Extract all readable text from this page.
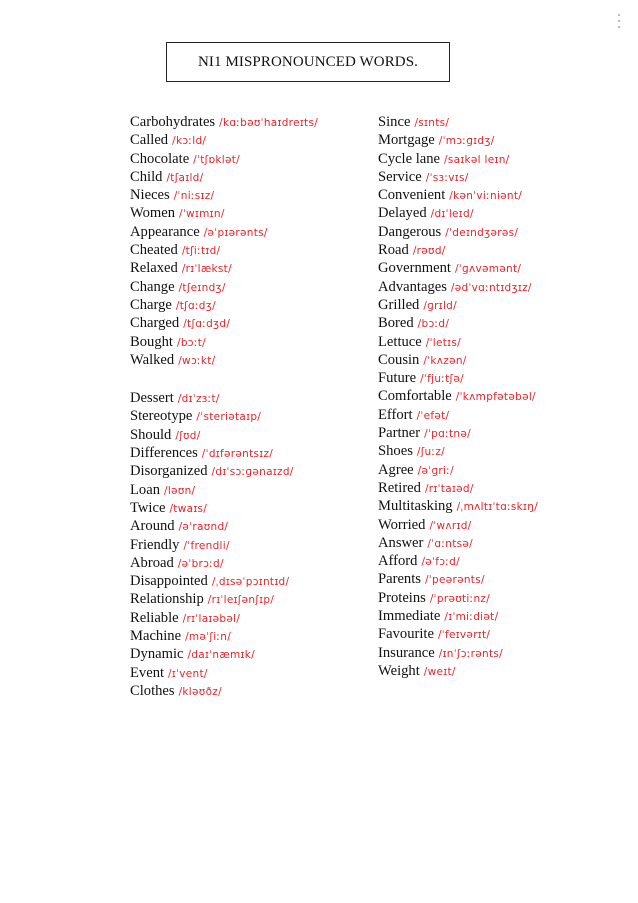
NI1 MISPRONOUNCED WORDS.
Carbohydrates /kɑːbəʊˈhaɪdreɪts/
Called /kɔːld/
Chocolate /ˈtʃɒklət/
Child /tʃaɪld/
Nieces /ˈniːsɪz/
Women /ˈwɪmɪn/
Appearance /əˈpɪərənts/
Cheated /tʃiːtɪd/
Relaxed /rɪˈlækst/
Change /tʃeɪndʒ/
Charge /tʃɑːdʒ/
Charged /tʃɑːdʒd/
Bought /bɔːt/
Walked /wɔːkt/
Dessert /dɪˈzɜːt/
Stereotype /ˈsteriətaɪp/
Should /ʃʊd/
Differences /ˈdɪfərəntsɪz/
Disorganized /dɪˈsɔːɡənaɪzd/
Loan /ləʊn/
Twice /twaɪs/
Around /əˈraʊnd/
Friendly /ˈfrendli/
Abroad /əˈbrɔːd/
Disappointed /ˌdɪsəˈpɔɪntɪd/
Relationship /rɪˈleɪʃənʃɪp/
Reliable /rɪˈlaɪəbəl/
Machine /məˈʃiːn/
Dynamic /daɪˈnæmɪk/
Event /ɪˈvent/
Clothes /kləʊðz/
Since /sɪnts/
Mortgage /ˈmɔːɡɪdʒ/
Cycle lane /saɪkəl leɪn/
Service /ˈsɜːvɪs/
Convenient /kənˈviːniənt/
Delayed /dɪˈleɪd/
Dangerous /ˈdeɪndʒərəs/
Road /rəʊd/
Government /ˈɡʌvəmənt/
Advantages /ədˈvɑːntɪdʒɪz/
Grilled /ɡrɪld/
Bored /bɔːd/
Lettuce /ˈletɪs/
Cousin /ˈkʌzən/
Future /ˈfjuːtʃə/
Comfortable /ˈkʌmpfətəbəl/
Effort /ˈefət/
Partner /ˈpɑːtnə/
Shoes /ʃuːz/
Agree /əˈɡriː/
Retired /rɪˈtaɪəd/
Multitasking /ˌmʌltɪˈtɑːskɪŋ/
Worried /ˈwʌrɪd/
Answer /ˈɑːntsə/
Afford /əˈfɔːd/
Parents /ˈpeərənts/
Proteins /ˈprəʊtiːnz/
Immediate /ɪˈmiːdiət/
Favourite /ˈfeɪvərɪt/
Insurance /ɪnˈʃɔːrənts/
Weight /weɪt/
